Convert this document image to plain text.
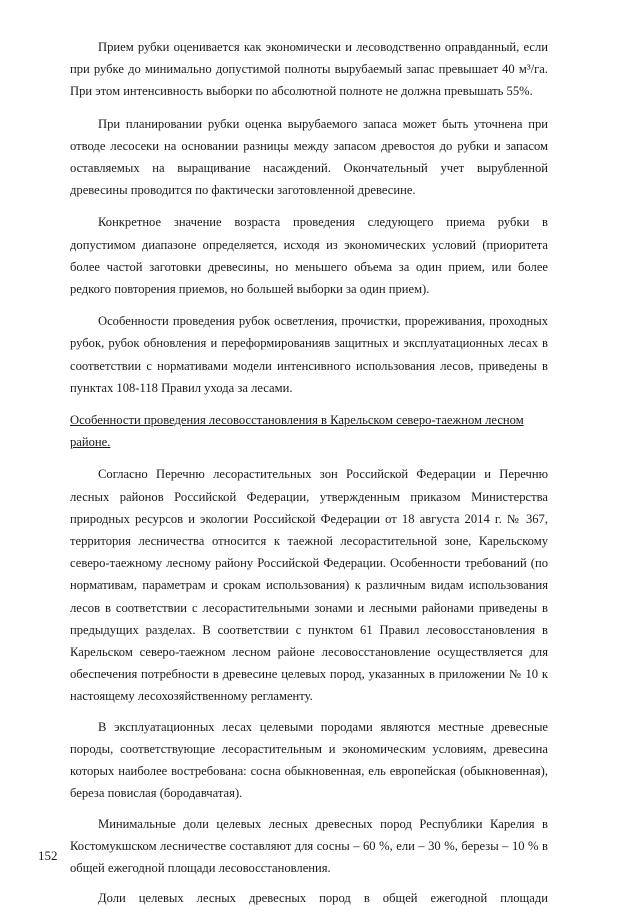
Прием рубки оценивается как экономически и лесоводственно оправданный, если при рубке до минимально допустимой полноты вырубаемый запас превышает 40 м³/га. При этом интенсивность выборки по абсолютной полноте не должна превышать 55%.

При планировании рубки оценка вырубаемого запаса может быть уточнена при отводе лесосеки на основании разницы между запасом древостоя до рубки и запасом оставляемых на выращивание насаждений. Окончательный учет вырубленной древесины проводится по фактически заготовленной древесине.

Конкретное значение возраста проведения следующего приема рубки в допустимом диапазоне определяется, исходя из экономических условий (приоритета более частой заготовки древесины, но меньшего объема за один прием, или более редкого повторения приемов, но большей выборки за один прием).

Особенности проведения рубок осветления, прочистки, прореживания, проходных рубок, рубок обновления и переформированияв защитных и эксплуатационных лесах в соответствии с нормативами модели интенсивного использования лесов, приведены в пунктах 108-118 Правил ухода за лесами.

Особенности проведения лесовосстановления в Карельском северо-таежном лесном районе.

Согласно Перечню лесорастительных зон Российской Федерации и Перечню лесных районов Российской Федерации, утвержденным приказом Министерства природных ресурсов и экологии Российской Федерации от 18 августа 2014 г. № 367, территория лесничества относится к таежной лесорастительной зоне, Карельскому северо-таежному лесному району Российской Федерации. Особенности требований (по нормативам, параметрам и срокам использования) к различным видам использования лесов в соответствии с лесорастительными зонами и лесными районами приведены в предыдущих разделах. В соответствии с пунктом 61 Правил лесовосстановления в Карельском северо-таежном лесном районе лесовосстановление осуществляется для обеспечения потребности в древесине целевых пород, указанных в приложении № 10 к настоящему лесохозяйственному регламенту.

В эксплуатационных лесах целевыми породами являются местные древесные породы, соответствующие лесорастительным и экономическим условиям, древесина которых наиболее востребована: сосна обыкновенная, ель европейская (обыкновенная), береза повислая (бородавчатая).

Минимальные доли целевых лесных древесных пород Республики Карелия в Костомукшском лесничестве составляют для сосны – 60 %, ели – 30 %, березы – 10 % в общей ежегодной площади лесовосстановления.

Доли целевых лесных древесных пород в общей ежегодной площади

152
